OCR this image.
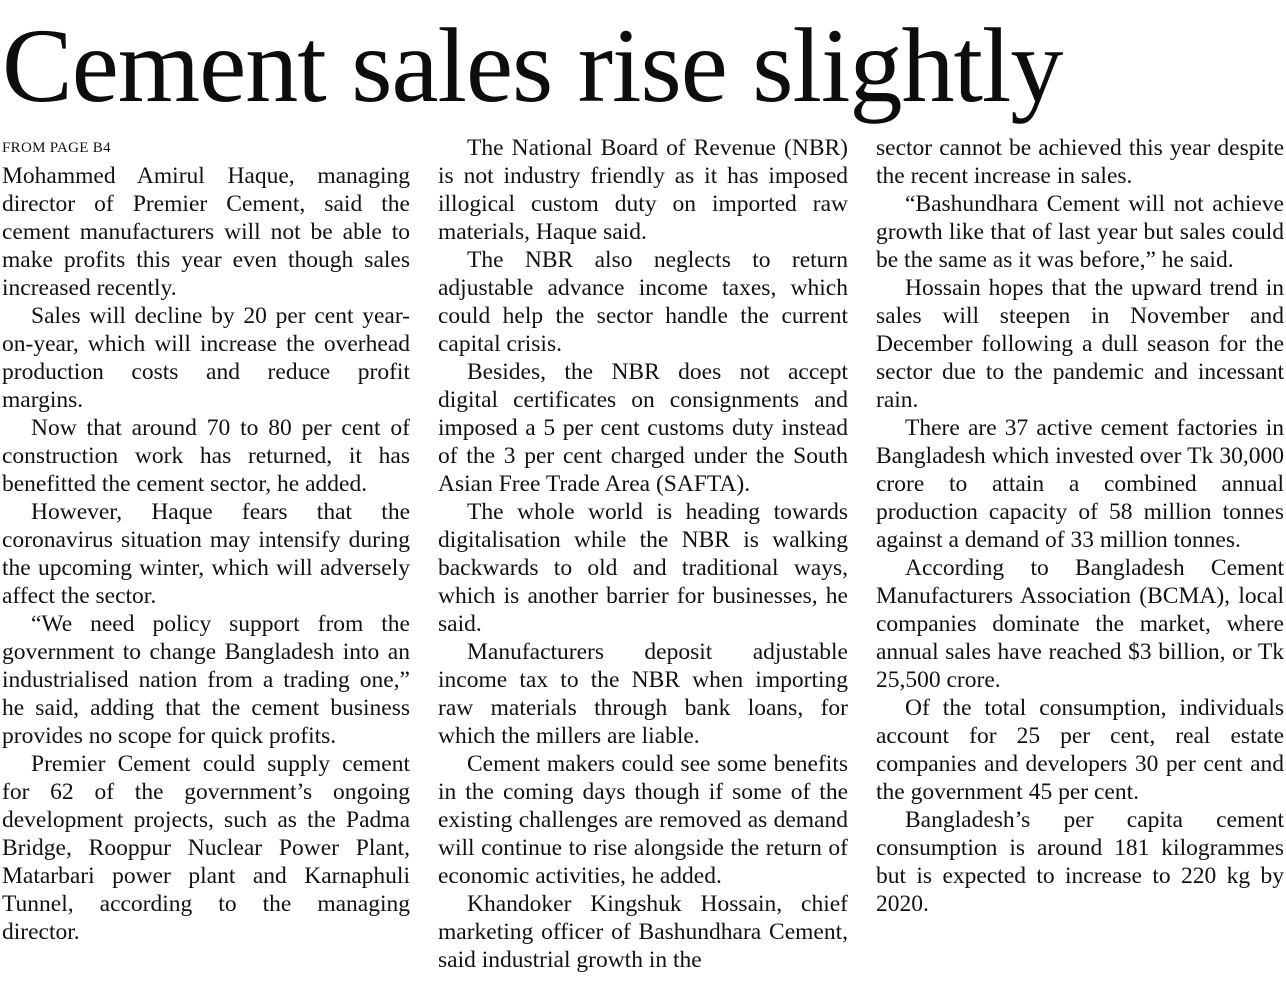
Cement sales rise slightly
FROM PAGE B4

Mohammed Amirul Haque, managing director of Premier Cement, said the cement manufacturers will not be able to make profits this year even though sales increased recently.

Sales will decline by 20 per cent year-on-year, which will increase the overhead production costs and reduce profit margins.

Now that around 70 to 80 per cent of construction work has returned, it has benefitted the cement sector, he added.

However, Haque fears that the coronavirus situation may intensify during the upcoming winter, which will adversely affect the sector.

“We need policy support from the government to change Bangladesh into an industrialised nation from a trading one,” he said, adding that the cement business provides no scope for quick profits.

Premier Cement could supply cement for 62 of the government’s ongoing development projects, such as the Padma Bridge, Rooppur Nuclear Power Plant, Matarbari power plant and Karnaphuli Tunnel, according to the managing director.

The National Board of Revenue (NBR) is not industry friendly as it has imposed illogical custom duty on imported raw materials, Haque said.

The NBR also neglects to return adjustable advance income taxes, which could help the sector handle the current capital crisis.

Besides, the NBR does not accept digital certificates on consignments and imposed a 5 per cent customs duty instead of the 3 per cent charged under the South Asian Free Trade Area (SAFTA).

The whole world is heading towards digitalisation while the NBR is walking backwards to old and traditional ways, which is another barrier for businesses, he said.

Manufacturers deposit adjustable income tax to the NBR when importing raw materials through bank loans, for which the millers are liable.

Cement makers could see some benefits in the coming days though if some of the existing challenges are removed as demand will continue to rise alongside the return of economic activities, he added.

Khandoker Kingshuk Hossain, chief marketing officer of Bashundhara Cement, said industrial growth in the

sector cannot be achieved this year despite the recent increase in sales.

“Bashundhara Cement will not achieve growth like that of last year but sales could be the same as it was before,” he said.

Hossain hopes that the upward trend in sales will steepen in November and December following a dull season for the sector due to the pandemic and incessant rain.

There are 37 active cement factories in Bangladesh which invested over Tk 30,000 crore to attain a combined annual production capacity of 58 million tonnes against a demand of 33 million tonnes.

According to Bangladesh Cement Manufacturers Association (BCMA), local companies dominate the market, where annual sales have reached $3 billion, or Tk 25,500 crore.

Of the total consumption, individuals account for 25 per cent, real estate companies and developers 30 per cent and the government 45 per cent.

Bangladesh’s per capita cement consumption is around 181 kilogrammes but is expected to increase to 220 kg by 2020.
